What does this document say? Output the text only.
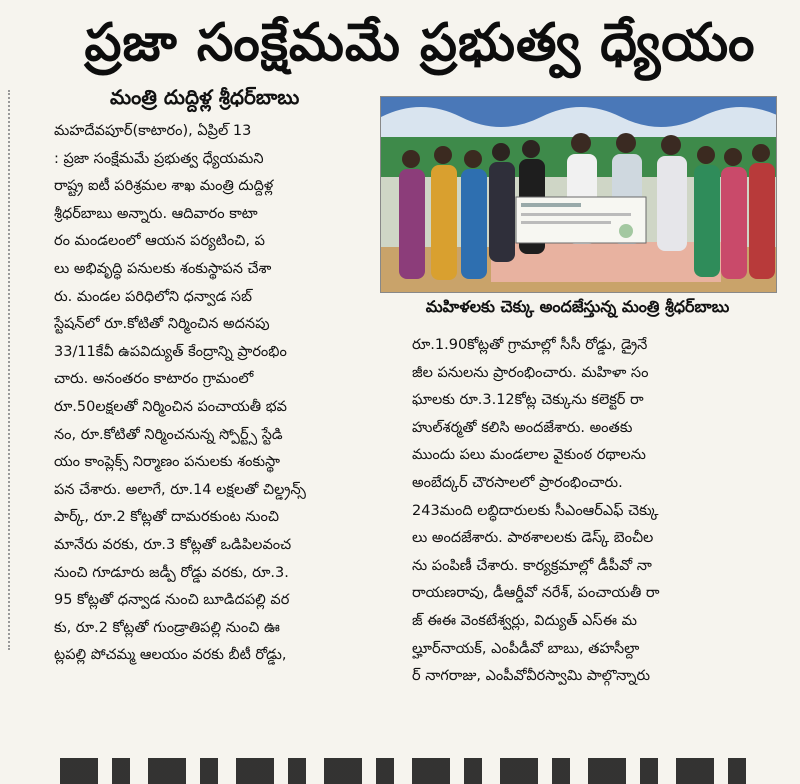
ప్రజా సంక్షేమమే ప్రభుత్వ ధ్యేయం
మంత్రి దుద్దిళ్ల శ్రీధర్‌బాబు
మహిళలకు చెక్కు అందజేస్తున్న మంత్రి శ్రీధర్‌బాబు
మహదేవపూర్‌(కాటారం), ఏప్రిల్‌ 13
: ప్రజా సంక్షేమమే ప్రభుత్వ ధ్యేయమని
రాష్ట్ర ఐటీ పరిశ్రమల శాఖ మంత్రి దుద్దిళ్ల
శ్రీధర్‌బాబు అన్నారు. ఆదివారం కాటా
రం మండలంలో ఆయన పర్యటించి, ప
లు అభివృద్ధి పనులకు శంకుస్థాపన చేశా
రు. మండల పరిధిలోని ధన్వాడ సబ్‌
స్టేషన్‌లో రూ.కోటితో నిర్మించిన అదనపు
33/11కేవీ ఉపవిద్యుత్‌ కేంద్రాన్ని ప్రారంభిం
చారు. అనంతరం కాటారం గ్రామంలో
రూ.50లక్షలతో నిర్మించిన పంచాయతీ భవ
నం, రూ.కోటితో నిర్మించనున్న స్పోర్ట్స్‌ స్టేడి
యం కాంప్లెక్స్‌ నిర్మాణం పనులకు శంకుస్థా
పన చేశారు. అలాగే, రూ.14 లక్షలతో చిల్డ్రన్స్‌
పార్క్‌, రూ.2 కోట్లతో దామరకుంట నుంచి
మానేరు వరకు, రూ.3 కోట్లతో ఒడిపిలవంచ
నుంచి గూడూరు జడ్పీ రోడ్డు వరకు, రూ.3.
95 కోట్లతో ధన్వాడ నుంచి బూడిదపల్లి వర
కు, రూ.2 కోట్లతో గుండ్రాతిపల్లి నుంచి ఊ
ట్లపల్లి పోచమ్మ ఆలయం వరకు బీటీ రోడ్డు,
రూ.1.90కోట్లతో గ్రామాల్లో సీసీ రోడ్డు, డ్రైనే
జీల పనులను ప్రారంభించారు. మహిళా సం
ఘాలకు రూ.3.12కోట్ల చెక్కును కలెక్టర్‌ రా
హుల్‌శర్మతో కలిసి అందజేశారు. అంతకు
ముందు పలు మండలాల వైకుంఠ రథాలను
అంబేద్కర్‌ చౌరసాలలో ప్రారంభించారు.
243మంది లబ్ధిదారులకు సీఎంఆర్‌ఎఫ్‌ చెక్కు
లు అందజేశారు. పాఠశాలలకు డెస్క్‌ బెంచీల
ను పంపిణీ చేశారు. కార్యక్రమాల్లో డీపీవో నా
రాయణరావు, డీఆర్డీవో నరేశ్‌, పంచాయతీ రా
జ్‌ ఈఈ వెంకటేశ్వర్లు, విద్యుత్‌ ఎస్‌ఈ మ
ల్హూర్‌నాయక్‌, ఎంపీడీవో బాబు, తహసీల్దా
ర్‌ నాగరాజు, ఎంపీవోవీరస్వామి పాల్గొన్నారు
